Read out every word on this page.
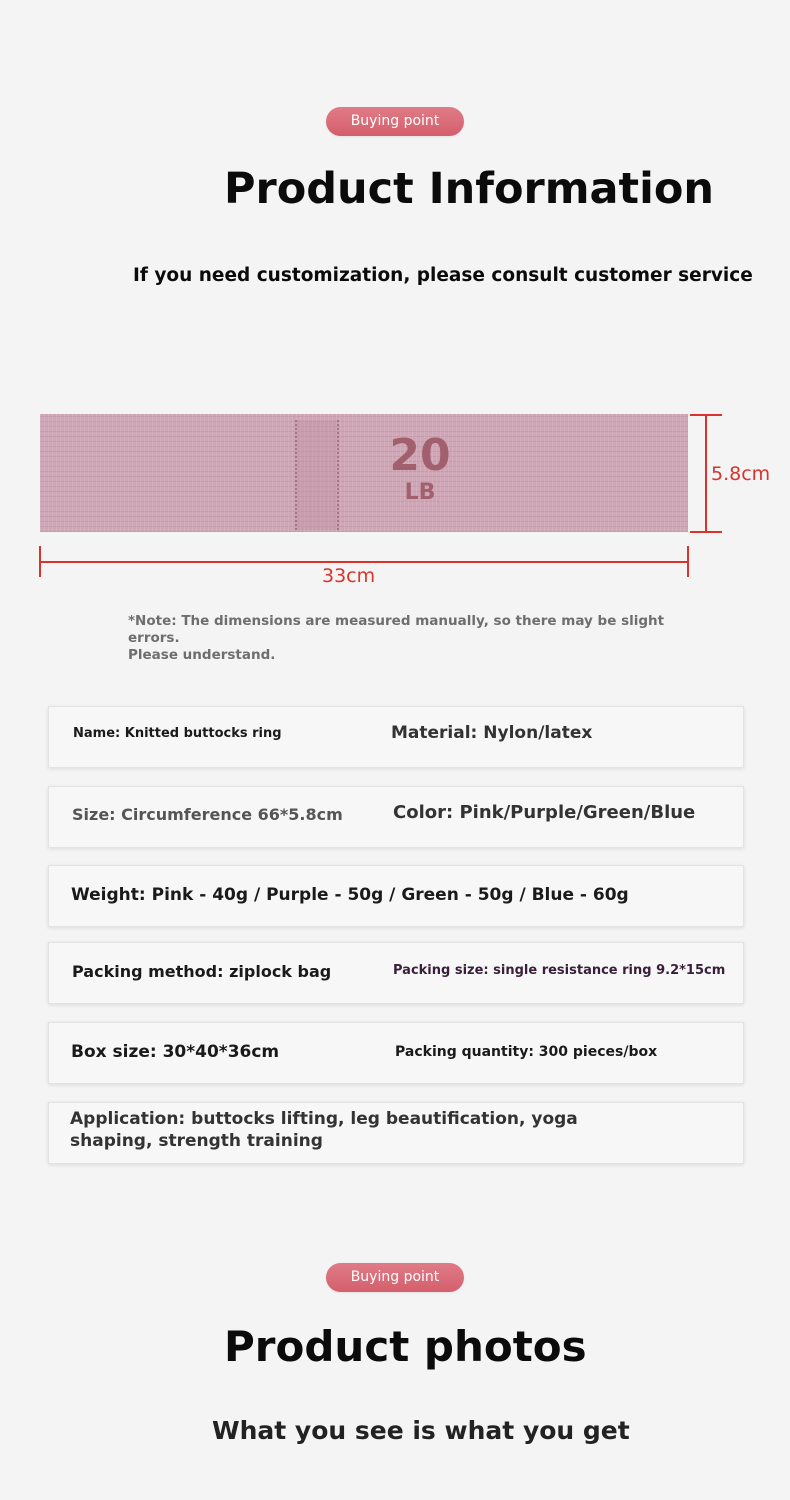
Buying point
Product Information
If you need customization, please consult customer service
20
LB
5.8cm
33cm
*Note: The dimensions are measured manually, so there may be slight errors.
Please understand.
Name: Knitted buttocks ring	Material: Nylon/latex
Size: Circumference 66*5.8cm	Color: Pink/Purple/Green/Blue
Weight: Pink - 40g / Purple - 50g / Green - 50g / Blue - 60g
Packing method: ziplock bag	Packing size: single resistance ring 9.2*15cm
Box size: 30*40*36cm	Packing quantity: 300 pieces/box
Application: buttocks lifting, leg beautification, yoga
shaping, strength training
Buying point
Product photos
What you see is what you get
